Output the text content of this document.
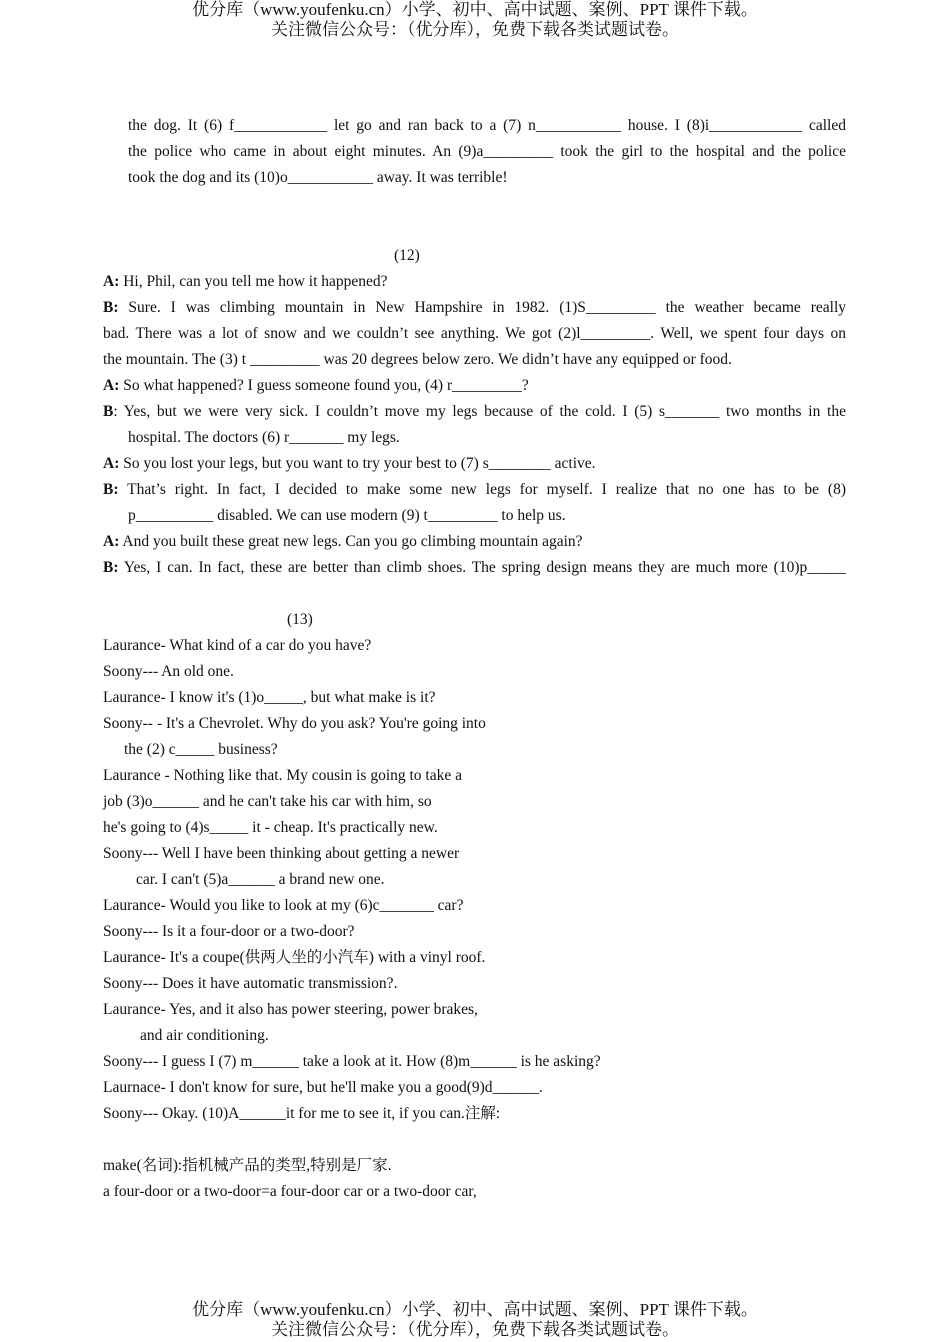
优分库（www.youfenku.cn）小学、初中、高中试题、案例、PPT 课件下载。
关注微信公众号：（优分库），免费下载各类试题试卷。
the dog. It (6) f____________ let go and ran back to a (7) n___________ house. I (8)i____________ called
the police who came in about eight minutes. An (9)a_________ took the girl to the hospital and the police
took the dog and its (10)o___________ away. It was terrible!
(12)
A: Hi, Phil, can you tell me how it happened?
B: Sure. I was climbing mountain in New Hampshire in 1982. (1)S_________ the weather became really
bad. There was a lot of snow and we couldn’t see anything. We got (2)l_________. Well, we spent four days on
the mountain. The (3) t _________ was 20 degrees below zero. We didn’t have any equipped or food.
A: So what happened? I guess someone found you, (4) r_________?
B: Yes, but we were very sick. I couldn’t move my legs because of the cold. I (5) s_______ two months in the
hospital. The doctors (6) r_______ my legs.
A: So you lost your legs, but you want to try your best to (7) s________ active.
B: That’s right. In fact, I decided to make some new legs for myself. I realize that no one has to be (8)
p__________ disabled. We can use modern (9) t_________ to help us.
A: And you built these great new legs. Can you go climbing mountain again?
B: Yes, I can. In fact, these are better than climb shoes. The spring design means they are much more (10)p_____
(13)
Laurance- What kind of a car do you have?
Soony--- An old one.
Laurance- I know it's (1)o_____, but what make is it?
Soony-- - It's a Chevrolet. Why do you ask? You're going into
the (2) c_____ business?
Laurance - Nothing like that. My cousin is going to take a
job (3)o______ and he can't take his car with him, so
he's going to (4)s_____ it - cheap. It's practically new.
Soony--- Well I have been thinking about getting a newer
car. I can't (5)a______ a brand new one.
Laurance- Would you like to look at my (6)c_______ car?
Soony--- Is it a four-door or a two-door?
Laurance- It's a coupe(供两人坐的小汽车) with a vinyl roof.
Soony--- Does it have automatic transmission?.
Laurance- Yes, and it also has power steering, power brakes,
and air conditioning.
Soony--- I guess I (7) m______ take a look at it. How (8)m______ is he asking?
Laurnace- I don't know for sure, but he'll make you a good(9)d______.
Soony--- Okay. (10)A______it for me to see it, if you can.注解:
make(名词):指机械产品的类型,特别是厂家.
a four-door or a two-door=a four-door car or a two-door car,
优分库（www.youfenku.cn）小学、初中、高中试题、案例、PPT 课件下载。
关注微信公众号：（优分库），免费下载各类试题试卷。
